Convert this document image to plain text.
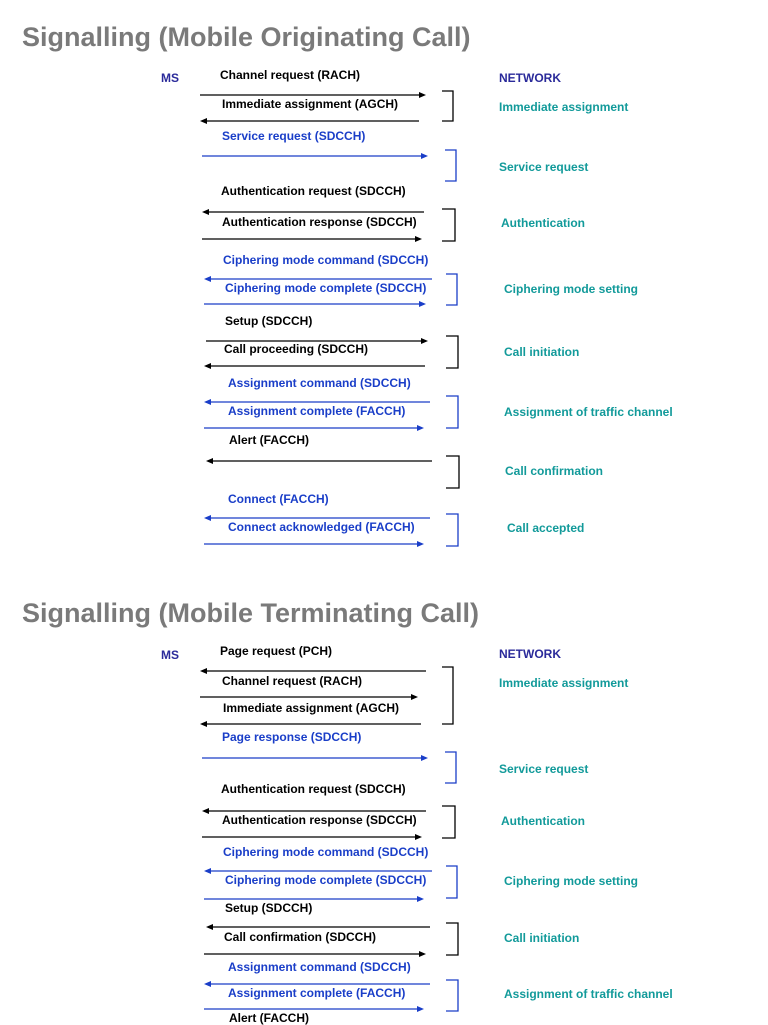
Signalling (Mobile Originating Call)
MS	NETWORK
Channel request (RACH)
Immediate assignment (AGCH)
Service request (SDCCH)
Authentication request (SDCCH)
Authentication response (SDCCH)
Ciphering mode command (SDCCH)
Ciphering mode complete (SDCCH)
Setup (SDCCH)
Call proceeding (SDCCH)
Assignment command (SDCCH)
Assignment complete (FACCH)
Alert (FACCH)
Connect (FACCH)
Connect acknowledged (FACCH)
Immediate assignment
Service request
Authentication
Ciphering mode setting
Call initiation
Assignment of traffic channel
Call confirmation
Call accepted
Signalling (Mobile Terminating Call)
MS	NETWORK
Page request (PCH)
Channel request (RACH)
Immediate assignment (AGCH)
Page response (SDCCH)
Authentication request (SDCCH)
Authentication response (SDCCH)
Ciphering mode command (SDCCH)
Ciphering mode complete (SDCCH)
Setup (SDCCH)
Call confirmation (SDCCH)
Assignment command (SDCCH)
Assignment complete (FACCH)
Alert (FACCH)
Immediate assignment
Service request
Authentication
Ciphering mode setting
Call initiation
Assignment of traffic channel
